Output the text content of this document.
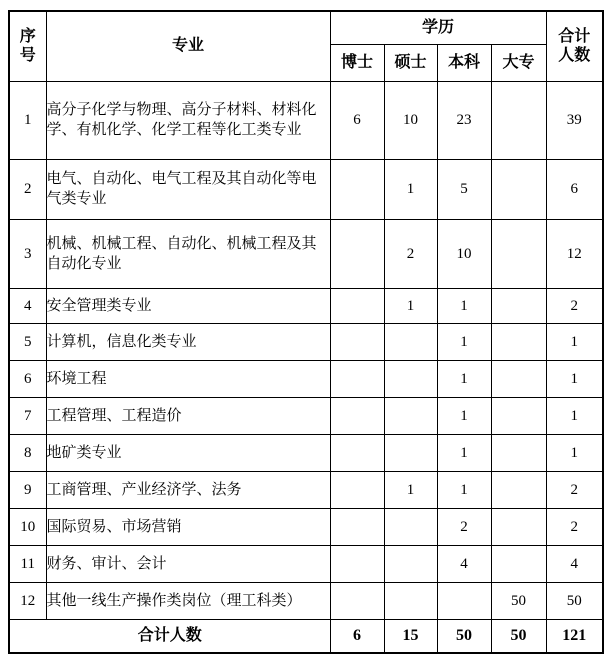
序
号	专业	学历				合计
人数

		博士	硕士	本科	大专	
1	高分子化学与物理、高分子材料、材料化学、有机化学、化学工程等化工类专业	6	10	23		39
2	电气、自动化、电气工程及其自动化等电气类专业		1	5		6
3	机械、机械工程、自动化、机械工程及其自动化专业		2	10		12
4	安全管理类专业		1	1		2
5	计算机，信息化类专业			1		1
6	环境工程			1		1
7	工程管理、工程造价			1		1
8	地矿类专业			1		1
9	工商管理、产业经济学、法务		1	1		2
10	国际贸易、市场营销			2		2
11	财务、审计、会计			4		4
12	其他一线生产操作类岗位（理工科类）				50	50
合计人数		6	15	50	50	121
